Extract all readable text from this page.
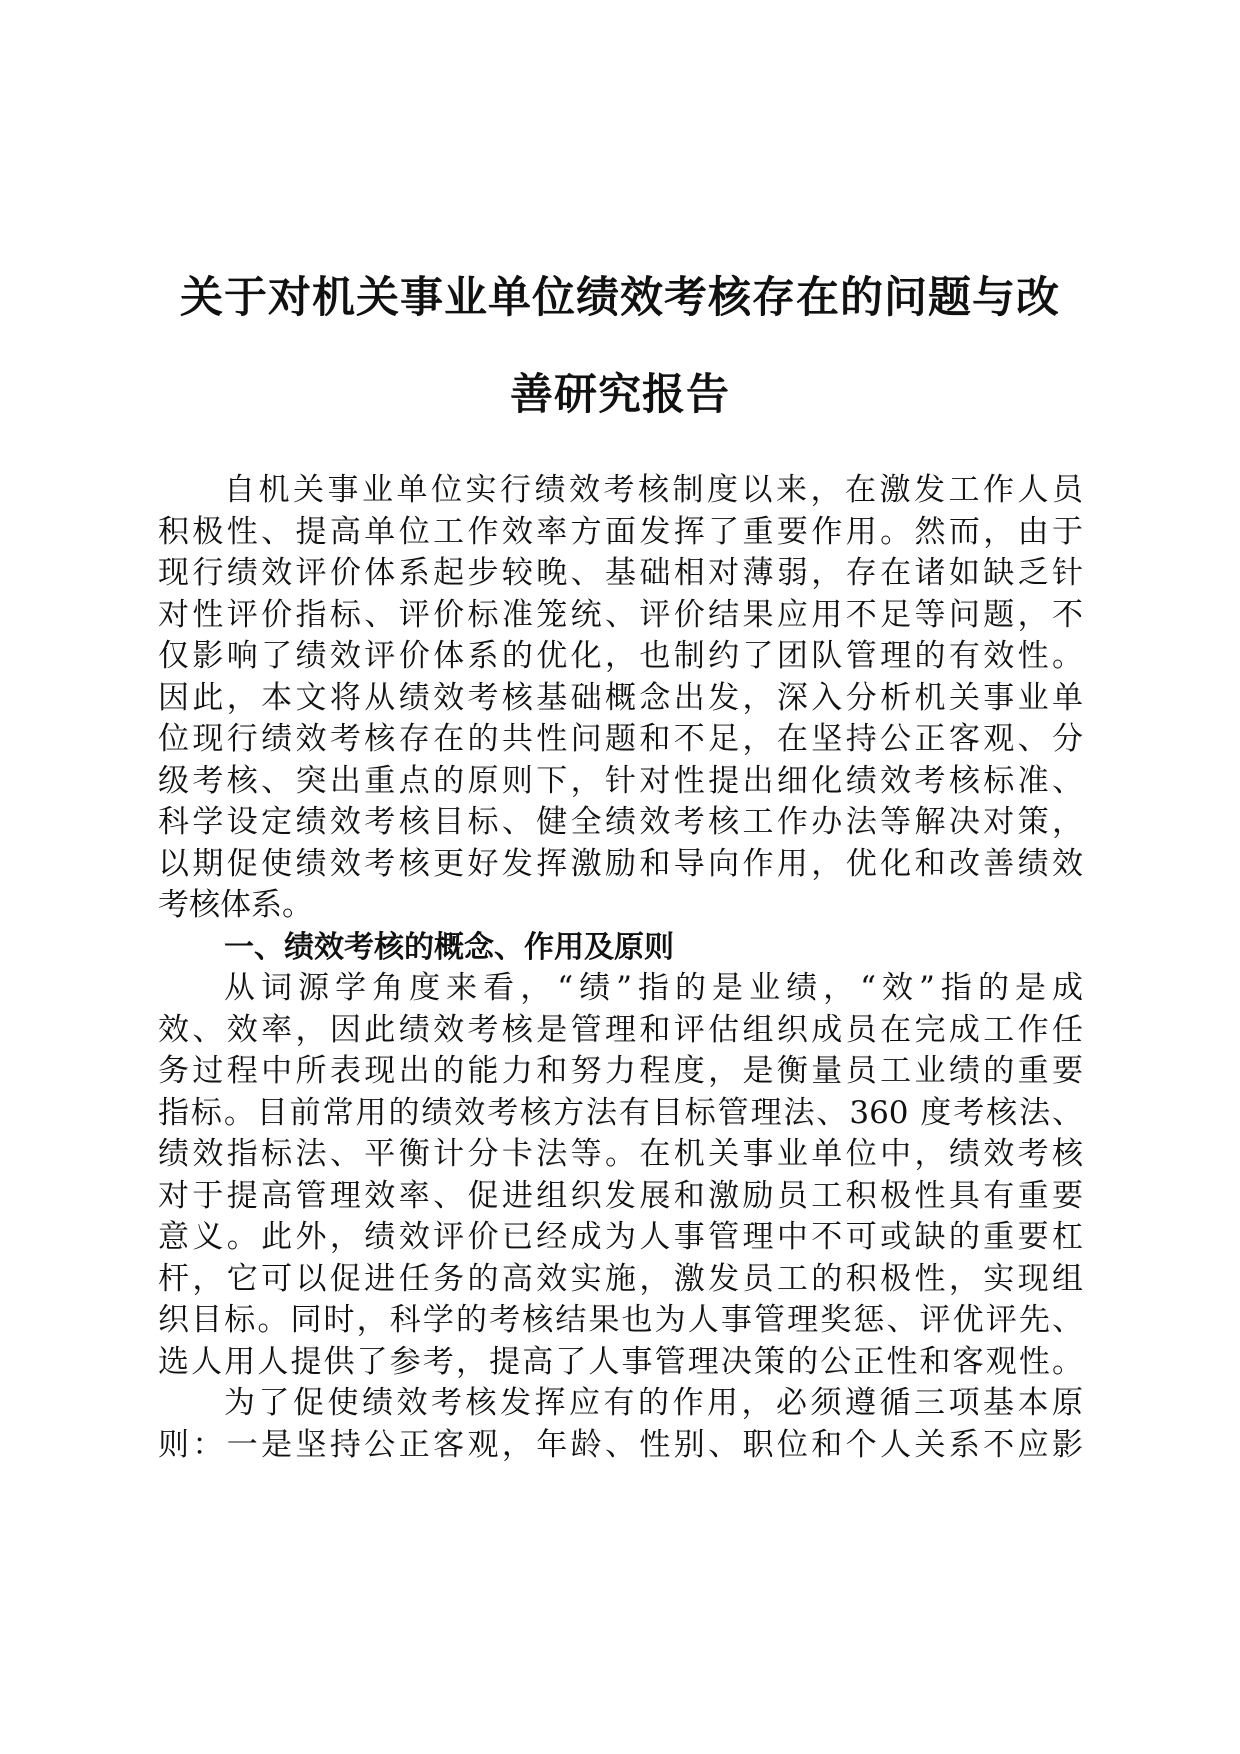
关于对机关事业单位绩效考核存在的问题与改
善研究报告
自机关事业单位实行绩效考核制度以来，在激发工作人员
积极性、提高单位工作效率方面发挥了重要作用。然而，由于
现行绩效评价体系起步较晚、基础相对薄弱，存在诸如缺乏针
对性评价指标、评价标准笼统、评价结果应用不足等问题，不
仅影响了绩效评价体系的优化，也制约了团队管理的有效性。
因此，本文将从绩效考核基础概念出发，深入分析机关事业单
位现行绩效考核存在的共性问题和不足，在坚持公正客观、分
级考核、突出重点的原则下，针对性提出细化绩效考核标准、
科学设定绩效考核目标、健全绩效考核工作办法等解决对策，
以期促使绩效考核更好发挥激励和导向作用，优化和改善绩效
考核体系。
一、绩效考核的概念、作用及原则
从词源学角度来看，“绩”指的是业绩，“效”指的是成
效、效率，因此绩效考核是管理和评估组织成员在完成工作任
务过程中所表现出的能力和努力程度，是衡量员工业绩的重要
指标。目前常用的绩效考核方法有目标管理法、360 度考核法、
绩效指标法、平衡计分卡法等。在机关事业单位中，绩效考核
对于提高管理效率、促进组织发展和激励员工积极性具有重要
意义。此外，绩效评价已经成为人事管理中不可或缺的重要杠
杆，它可以促进任务的高效实施，激发员工的积极性，实现组
织目标。同时，科学的考核结果也为人事管理奖惩、评优评先、
选人用人提供了参考，提高了人事管理决策的公正性和客观性。
为了促使绩效考核发挥应有的作用，必须遵循三项基本原
则：一是坚持公正客观，年龄、性别、职位和个人关系不应影
